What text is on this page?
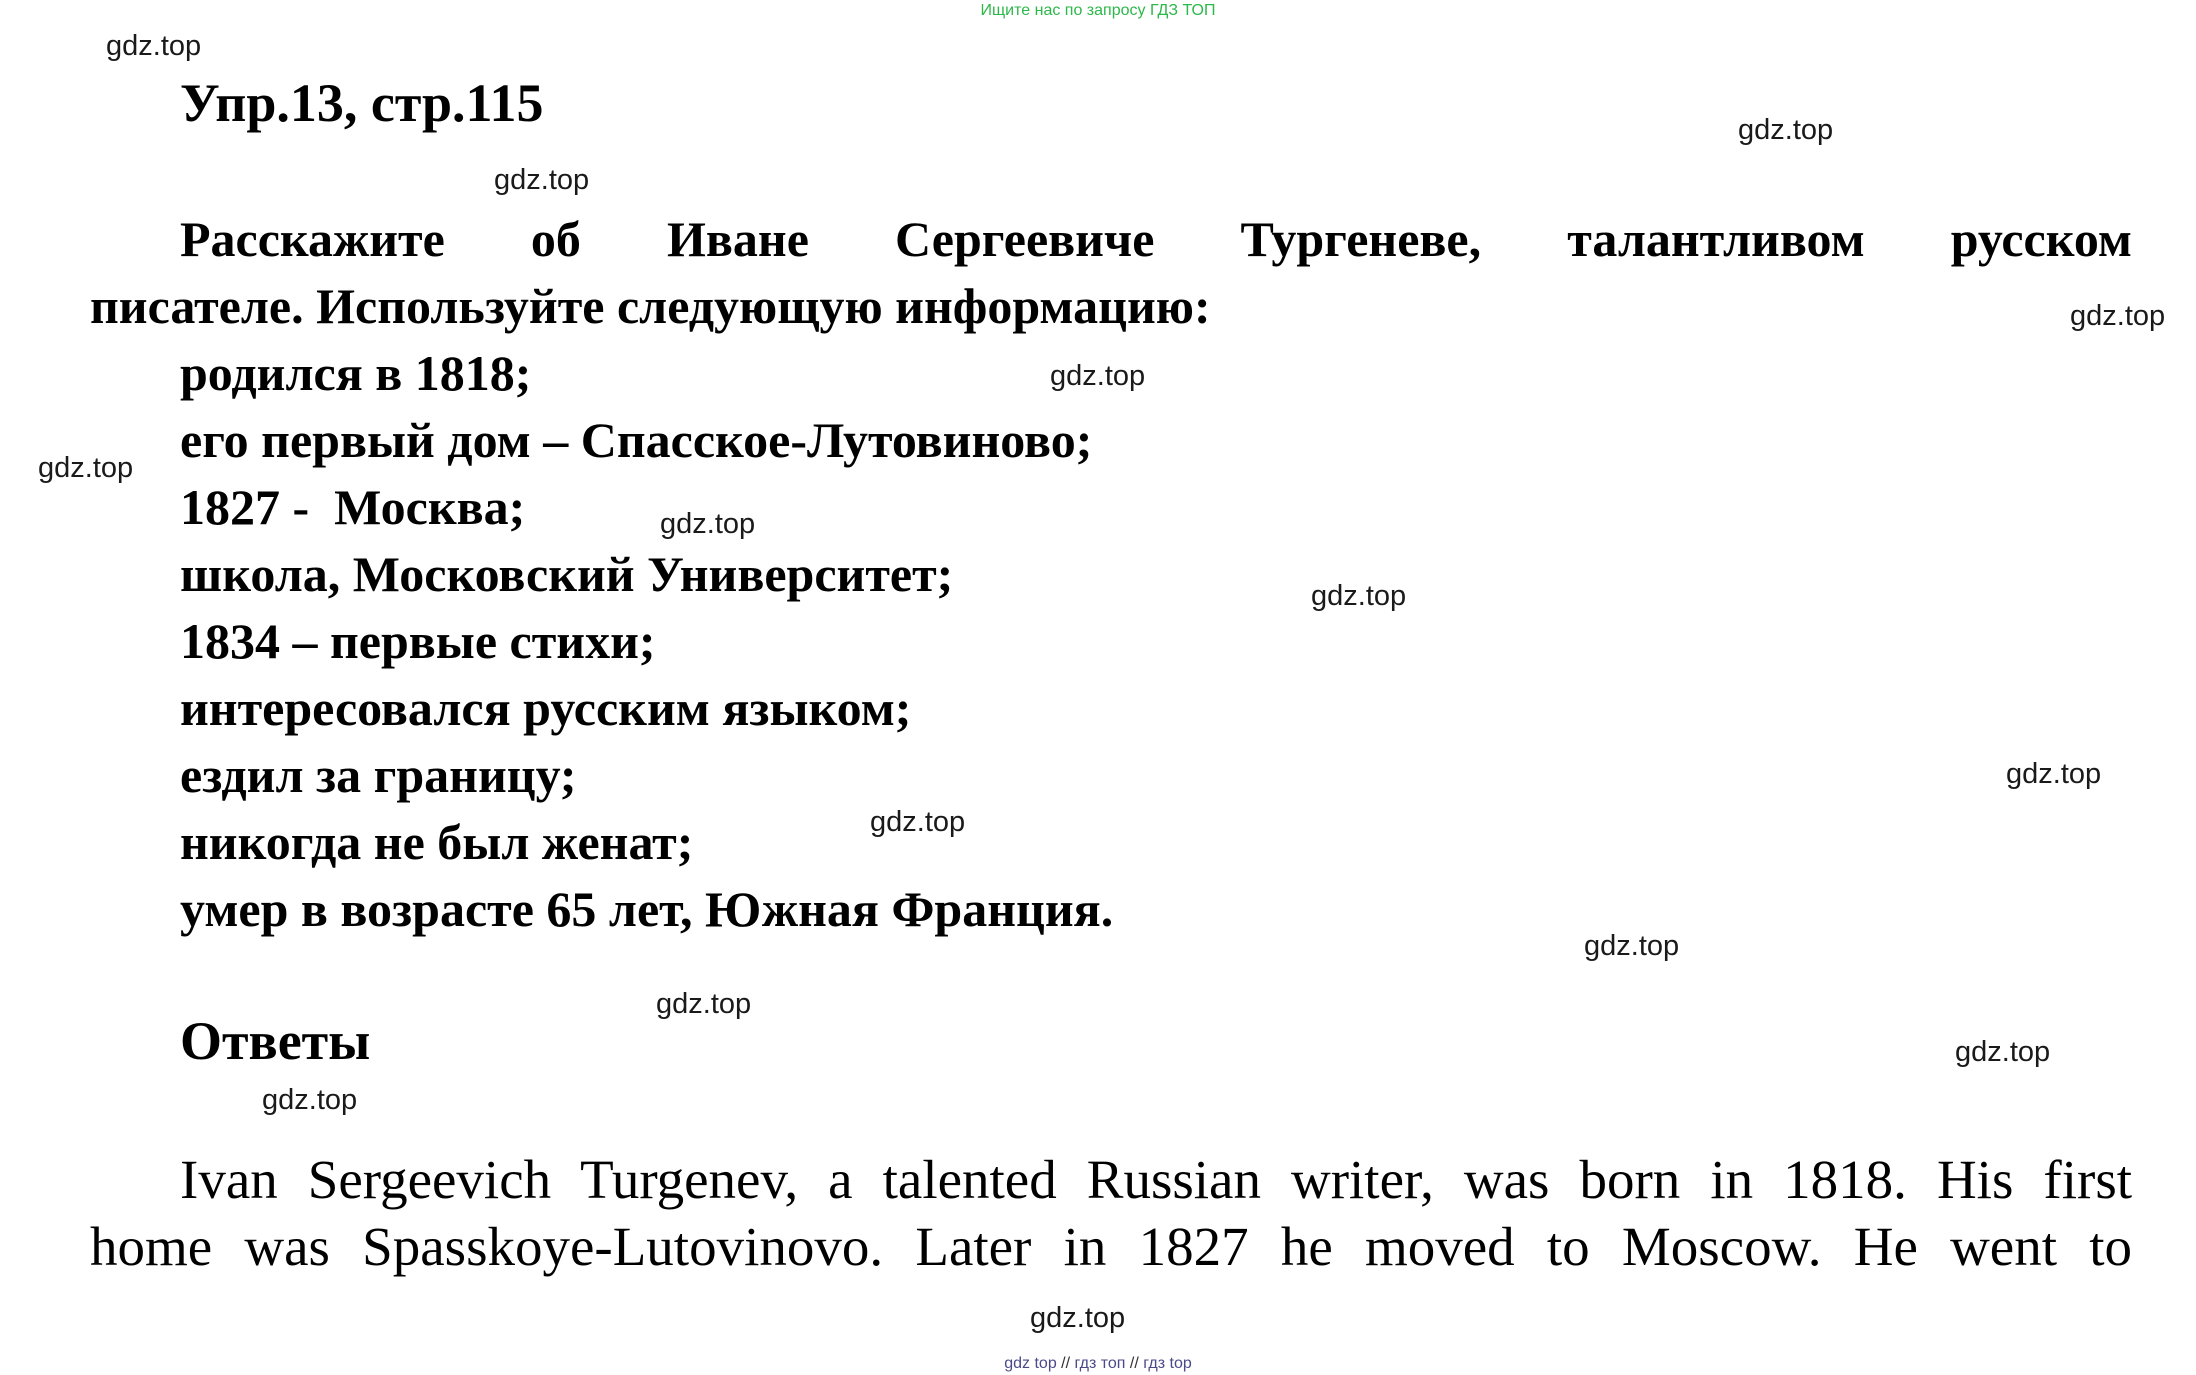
Ищите нас по запросу ГДЗ ТОП
gdz.top
gdz.top
gdz.top
gdz.top
gdz.top
gdz.top
gdz.top
gdz.top
gdz.top
gdz.top
gdz.top
gdz.top
gdz.top
gdz.top
gdz.top
Упр.13, стр.115
Расскажите об Иване Сергеевиче Тургеневе, талантливом русском
писателе. Используйте следующую информацию:
родился в 1818;
его первый дом – Спасское-Лутовиново;
1827 -  Москва;
школа, Московский Университет;
1834 – первые стихи;
интересовался русским языком;
ездил за границу;
никогда не был женат;
умер в возрасте 65 лет, Южная Франция.
Ответы
Ivan Sergeevich Turgenev, a talented Russian writer, was born in 1818. His first
home was Spasskoye-Lutovinovo. Later in 1827 he moved to Moscow. He went to
gdz top // гдз топ // гдз top
